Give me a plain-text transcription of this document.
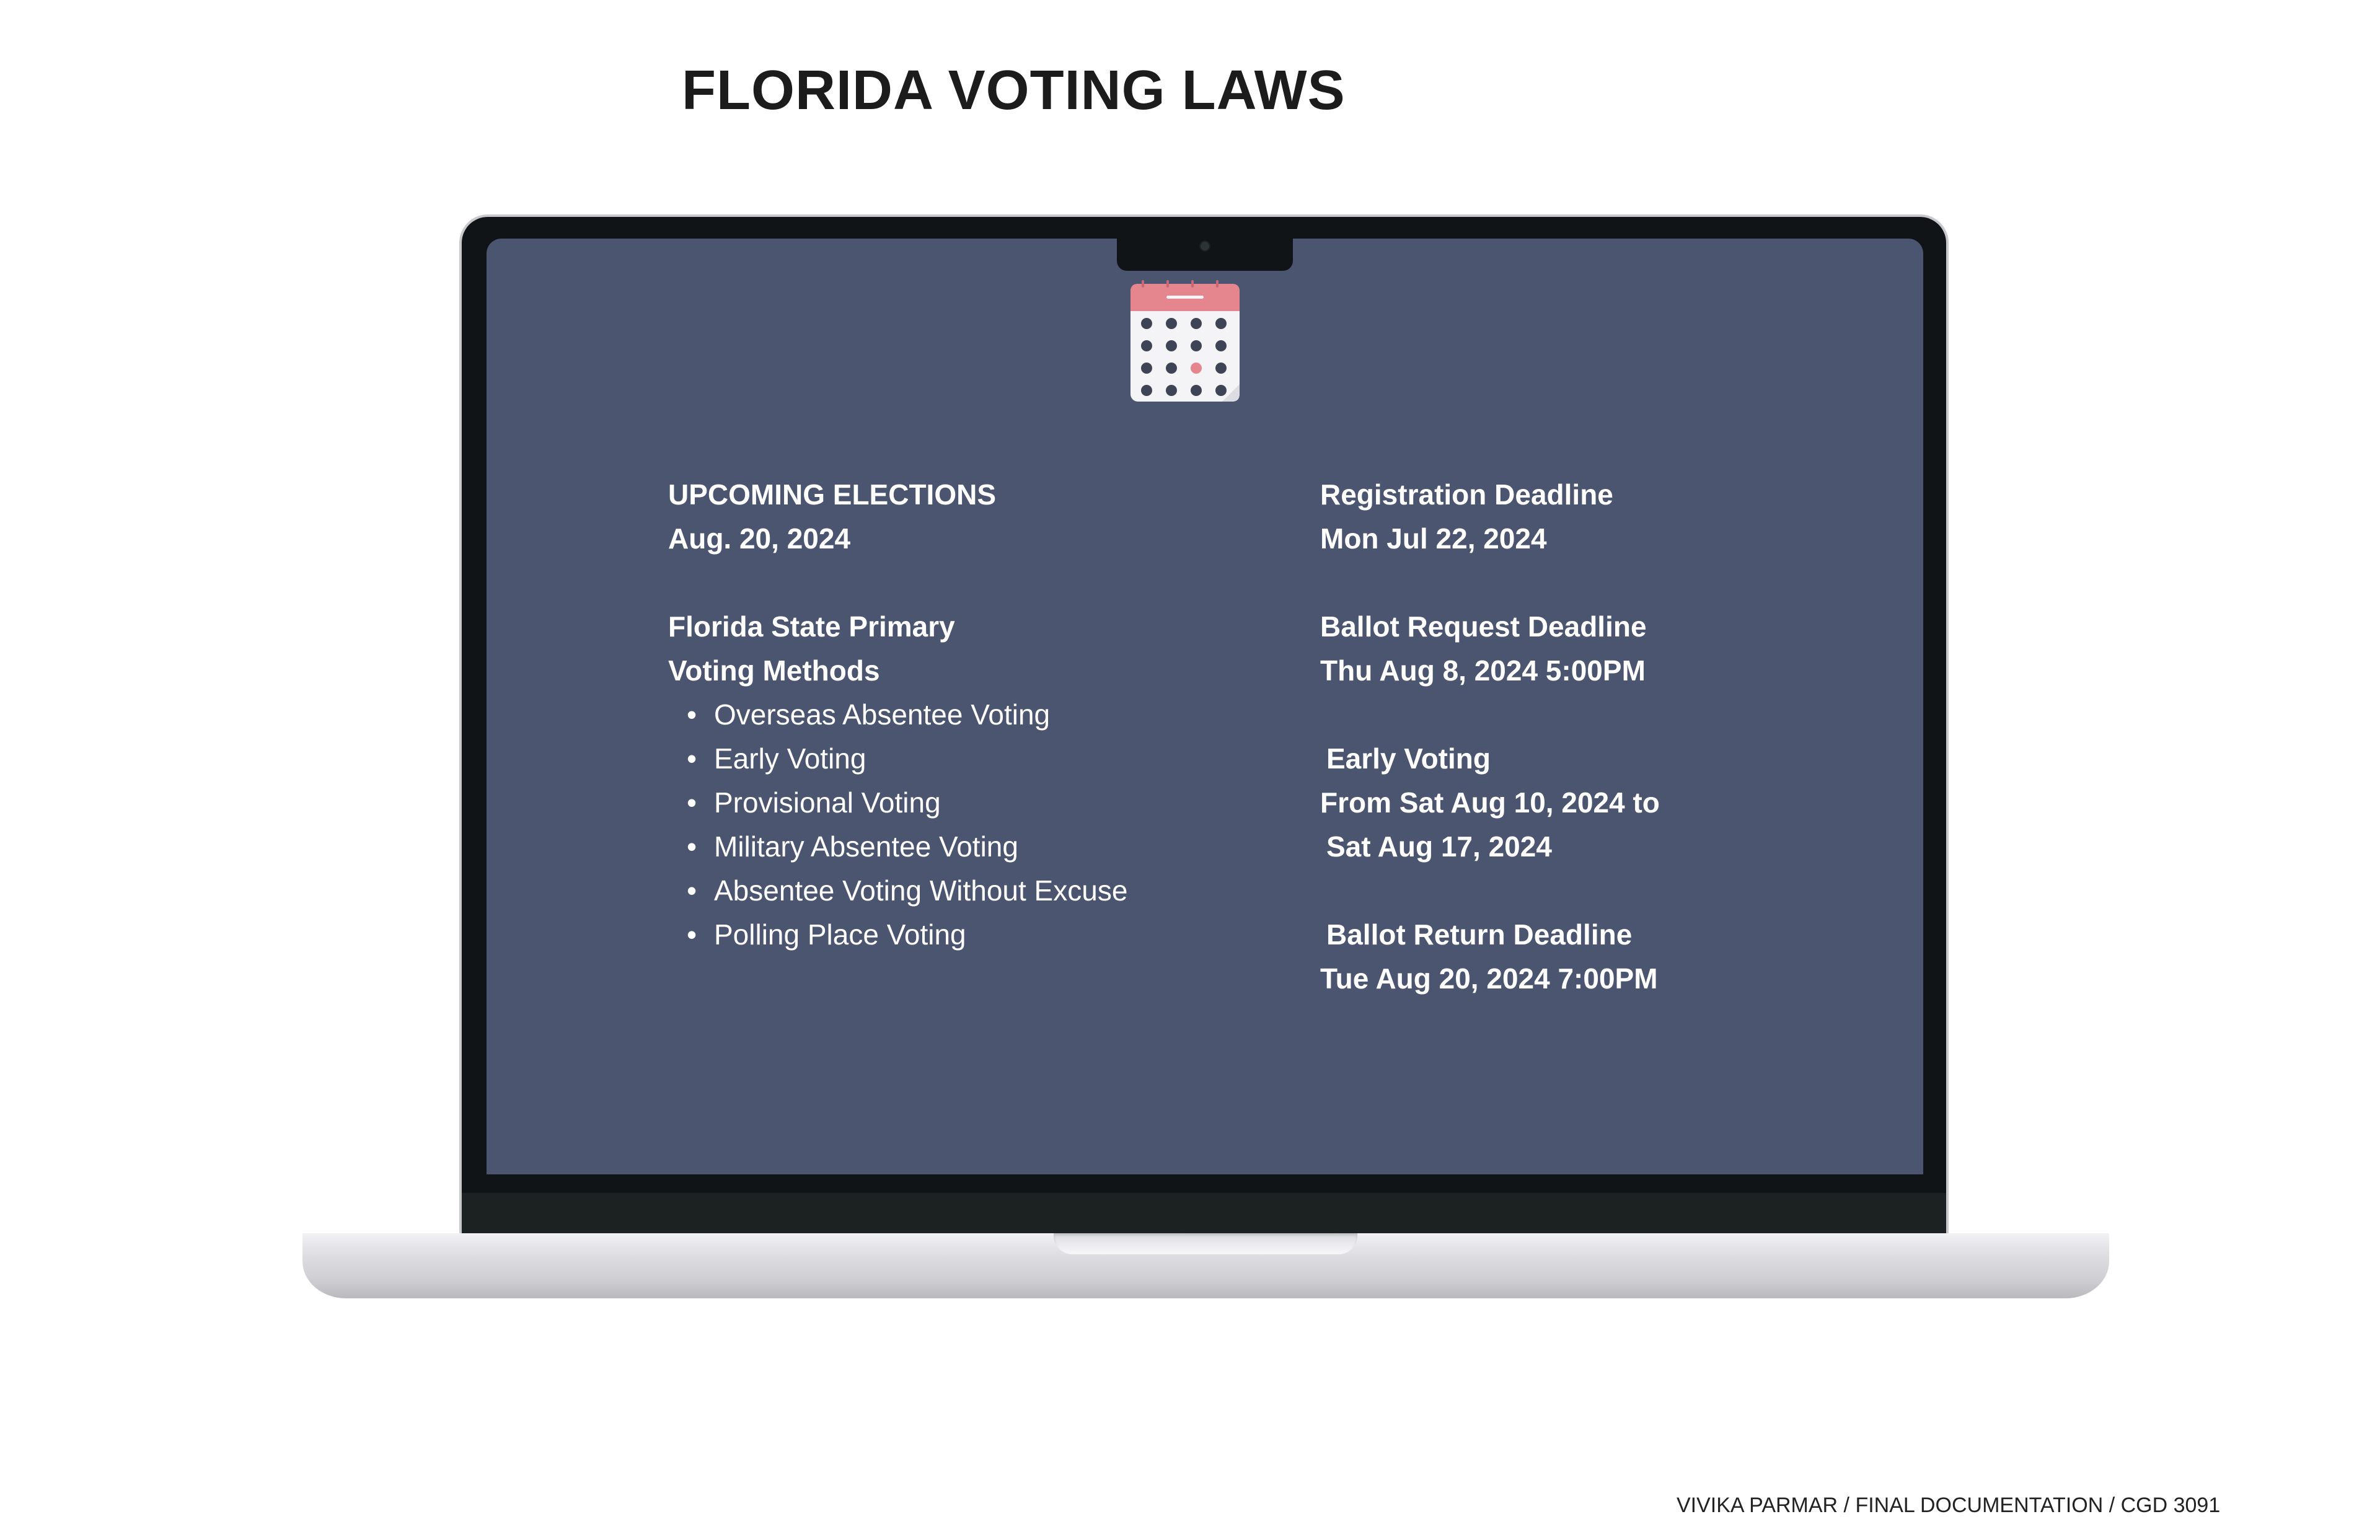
FLORIDA VOTING LAWS
UPCOMING ELECTIONS
Aug. 20, 2024
Florida State Primary
Voting Methods
• Overseas Absentee Voting
• Early Voting
• Provisional Voting
• Military Absentee Voting
• Absentee Voting Without Excuse
• Polling Place Voting
Registration Deadline
Mon Jul 22, 2024
Ballot Request Deadline
Thu Aug 8, 2024 5:00PM
Early Voting
From Sat Aug 10, 2024 to
Sat Aug 17, 2024
Ballot Return Deadline
Tue Aug 20, 2024 7:00PM
VIVIKA PARMAR / FINAL DOCUMENTATION / CGD 3091
